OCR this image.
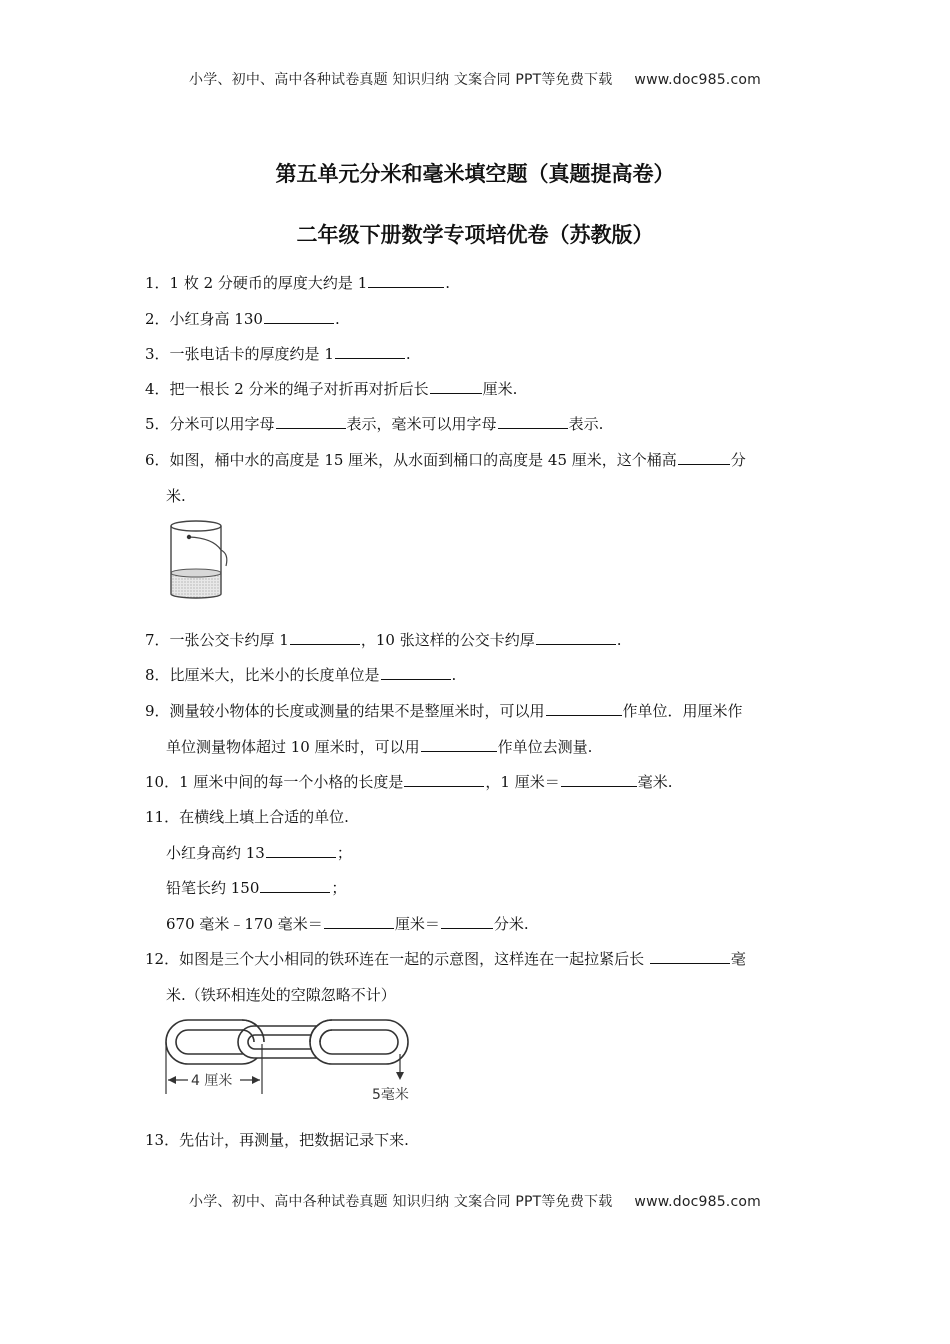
小学、初中、高中各种试卷真题 知识归纳 文案合同 PPT等免费下载 www.doc985.com
第五单元分米和毫米填空题（真题提高卷）
二年级下册数学专项培优卷（苏教版）
1．1 枚 2 分硬币的厚度大约是 1	.
2．小红身高 130	.
3．一张电话卡的厚度约是 1	.
4．把一根长 2 分米的绳子对折再对折后长	厘米.
5．分米可以用字母	表示，毫米可以用字母	表示.
6．如图，桶中水的高度是 15 厘米，从水面到桶口的高度是 45 厘米，这个桶高	分
米.
7．一张公交卡约厚 1	，10 张这样的公交卡约厚	.
8．比厘米大，比米小的长度单位是	.
9．测量较小物体的长度或测量的结果不是整厘米时，可以用	作单位．用厘米作
单位测量物体超过 10 厘米时，可以用	作单位去测量.
10．1 厘米中间的每一个小格的长度是	，1 厘米＝	毫米.
11．在横线上填上合适的单位.
小红身高约 13	；
铅笔长约 150	；
670 毫米﹣170 毫米＝	厘米＝	分米.
12．如图是三个大小相同的铁环连在一起的示意图，这样连在一起拉紧后长	毫
米.（铁环相连处的空隙忽略不计）
4 厘米
5毫米
13．先估计，再测量，把数据记录下来.
小学、初中、高中各种试卷真题 知识归纳 文案合同 PPT等免费下载 www.doc985.com
